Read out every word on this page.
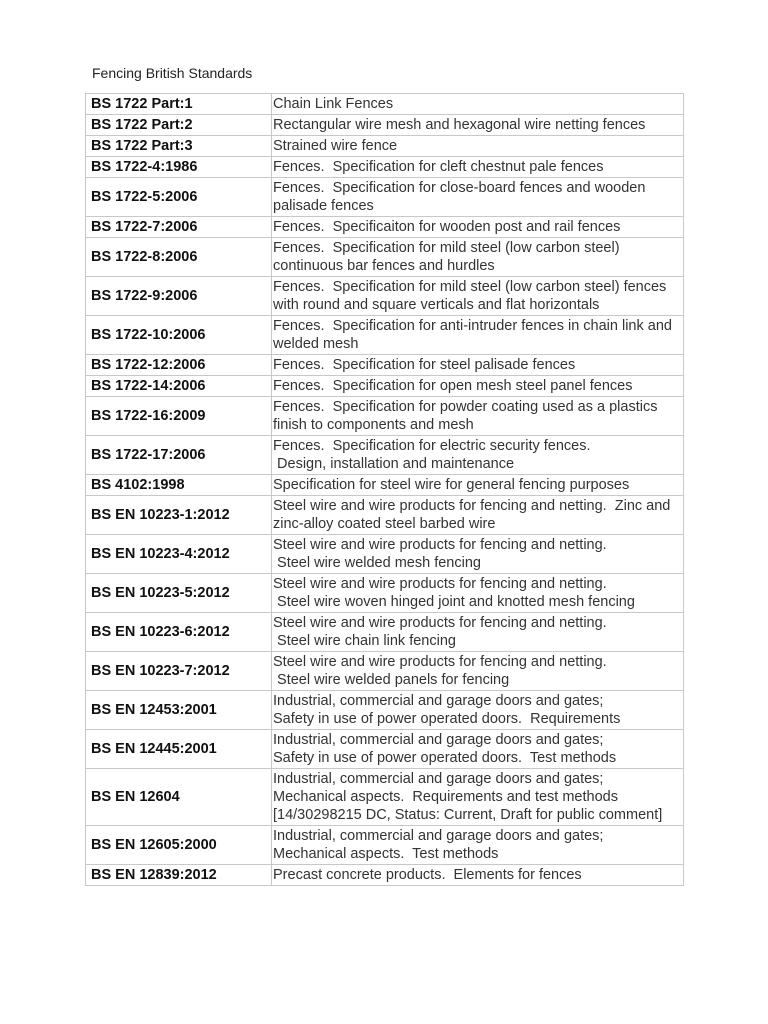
Fencing British Standards
BS 1722 Part:1	Chain Link Fences
BS 1722 Part:2	Rectangular wire mesh and hexagonal wire netting fences
BS 1722 Part:3	Strained wire fence
BS 1722-4:1986	Fences.  Specification for cleft chestnut pale fences
BS 1722-5:2006	Fences.  Specification for close-board fences and wooden palisade fences
BS 1722-7:2006	Fences.  Specificaiton for wooden post and rail fences
BS 1722-8:2006	Fences.  Specification for mild steel (low carbon steel) continuous bar fences and hurdles
BS 1722-9:2006	Fences.  Specification for mild steel (low carbon steel) fences with round and square verticals and flat horizontals
BS 1722-10:2006	Fences.  Specification for anti-intruder fences in chain link and welded mesh
BS 1722-12:2006	Fences.  Specification for steel palisade fences
BS 1722-14:2006	Fences.  Specification for open mesh steel panel fences
BS 1722-16:2009	Fences.  Specification for powder coating used as a plastics finish to components and mesh
BS 1722-17:2006	Fences.  Specification for electric security fences.
Design, installation and maintenance
BS 4102:1998	Specification for steel wire for general fencing purposes
BS EN 10223-1:2012	Steel wire and wire products for fencing and netting.  Zinc and zinc-alloy coated steel barbed wire
BS EN 10223-4:2012	Steel wire and wire products for fencing and netting.
Steel wire welded mesh fencing
BS EN 10223-5:2012	Steel wire and wire products for fencing and netting.
Steel wire woven hinged joint and knotted mesh fencing
BS EN 10223-6:2012	Steel wire and wire products for fencing and netting.
Steel wire chain link fencing
BS EN 10223-7:2012	Steel wire and wire products for fencing and netting.
Steel wire welded panels for fencing
BS EN 12453:2001	Industrial, commercial and garage doors and gates;
Safety in use of power operated doors.  Requirements
BS EN 12445:2001	Industrial, commercial and garage doors and gates;
Safety in use of power operated doors.  Test methods
BS EN 12604	Industrial, commercial and garage doors and gates;
Mechanical aspects.  Requirements and test methods
[14/30298215 DC, Status: Current, Draft for public comment]
BS EN 12605:2000	Industrial, commercial and garage doors and gates;
Mechanical aspects.  Test methods
BS EN 12839:2012	Precast concrete products.  Elements for fences
